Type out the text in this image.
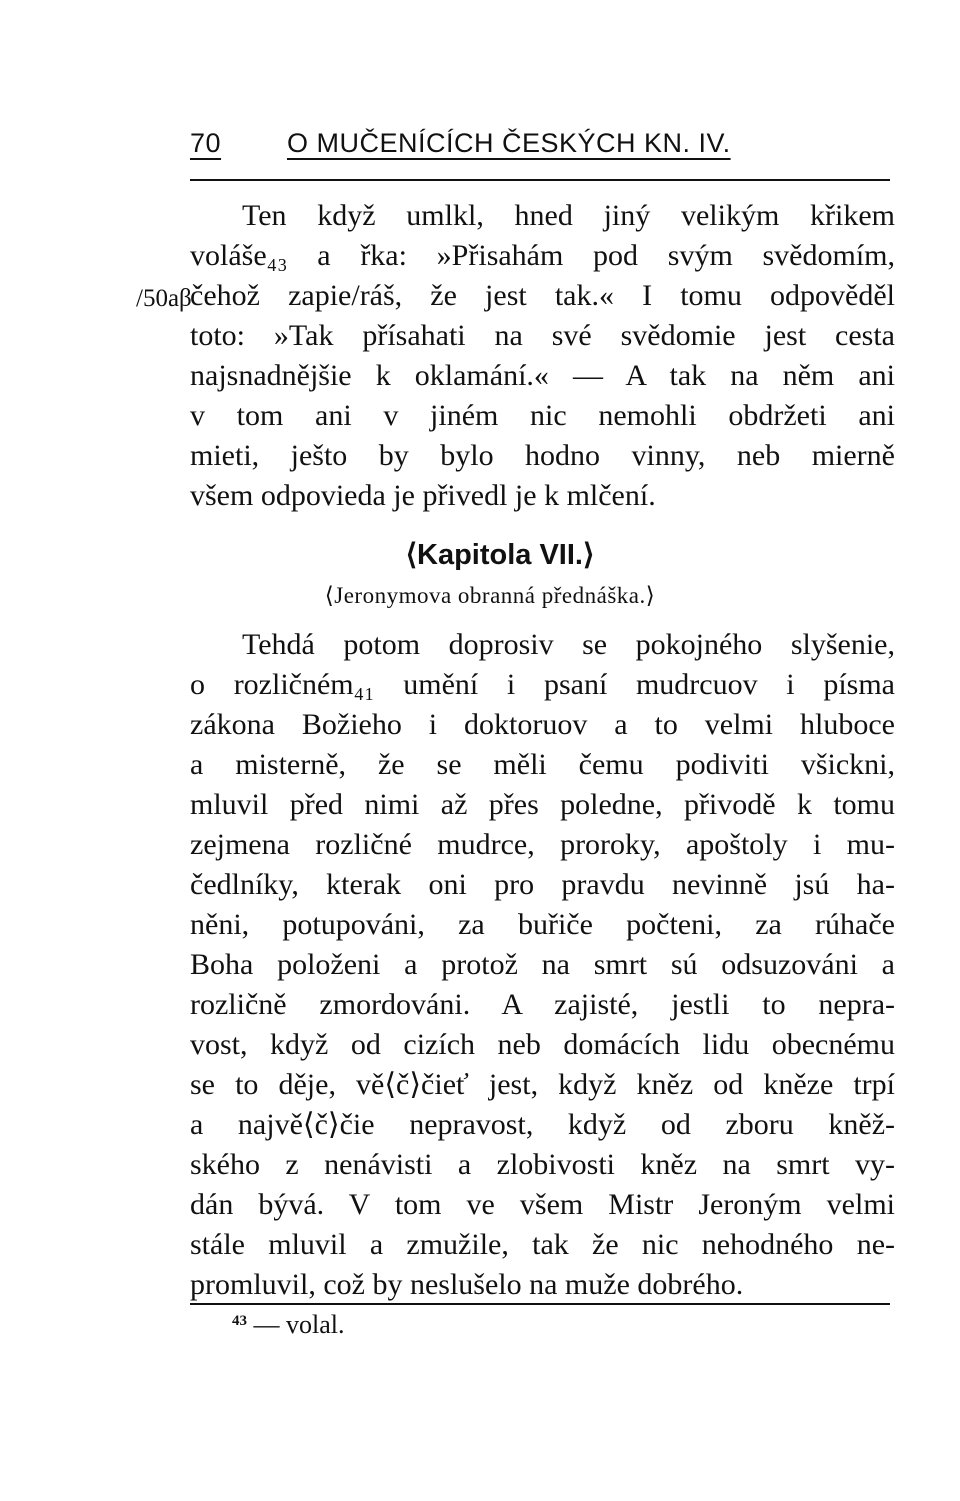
70 O MUČENÍCÍCH ČESKÝCH KN. IV.
/50aβ
Ten když umlkl, hned jiný velikým křikem
voláše₄₃ a řka: »Přisahám pod svým svědomím,
čehož zapie/ráš, že jest tak.« I tomu odpověděl
toto: »Tak přísahati na své svědomie jest cesta
najsnadnějšie k oklamání.« — A tak na něm ani
v tom ani v jiném nic nemohli obdržeti ani
mieti, ješto by bylo hodno vinny, neb mierně
všem odpovieda je přivedl je k mlčení.
⟨Kapitola VII.⟩
⟨Jeronymova obranná přednáška.⟩
Tehdá potom doprosiv se pokojného slyšenie,
o rozličném₄₁ umění i psaní mudrcuov i písma
zákona Božieho i doktoruov a to velmi hluboce
a misterně, že se měli čemu podiviti všickni,
mluvil před nimi až přes poledne, přivodě k tomu
zejmena rozličné mudrce, proroky, apoštoly i mu-
čedlníky, kterak oni pro pravdu nevinně jsú ha-
něni, potupováni, za buřiče počteni, za rúhače
Boha položeni a protož na smrt sú odsuzováni a
rozličně zmordováni. A zajisté, jestli to nepra-
vost, když od cizích neb domácích lidu obecnému
se to děje, vě⟨č⟩čieť jest, když kněz od kněze trpí
a najvě⟨č⟩čie nepravost, když od zboru kněž-
ského z nenávisti a zlobivosti kněz na smrt vy-
dán bývá. V tom ve všem Mistr Jeroným velmi
stále mluvil a zmužile, tak že nic nehodného ne-
promluvil, což by neslušelo na muže dobrého.
$^{43}$ — volal.
